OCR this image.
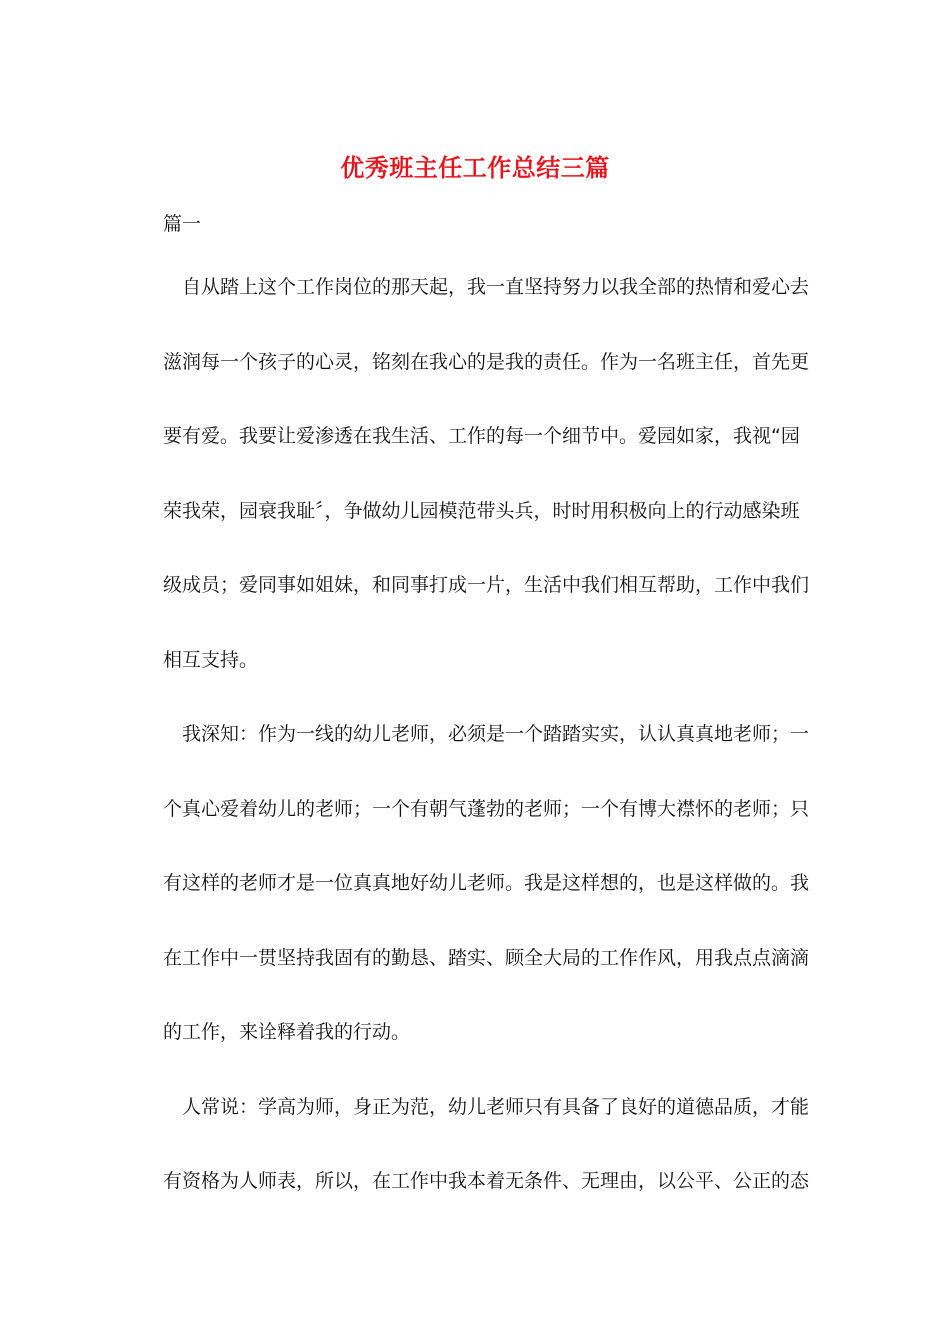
优秀班主任工作总结三篇
篇一
自从踏上这个工作岗位的那天起，我一直坚持努力以我全部的热情和爱心去
滋润每一个孩子的心灵，铭刻在我心的是我的责任。作为一名班主任，首先更
要有爱。我要让爱渗透在我生活、工作的每一个细节中。爱园如家，我视“园
荣我荣，园衰我耻〞，争做幼儿园模范带头兵，时时用积极向上的行动感染班
级成员；爱同事如姐妹，和同事打成一片，生活中我们相互帮助，工作中我们
相互支持。
我深知：作为一线的幼儿老师，必须是一个踏踏实实，认认真真地老师；一
个真心爱着幼儿的老师；一个有朝气蓬勃的老师；一个有博大襟怀的老师；只
有这样的老师才是一位真真地好幼儿老师。我是这样想的，也是这样做的。我
在工作中一贯坚持我固有的勤恳、踏实、顾全大局的工作作风，用我点点滴滴
的工作，来诠释着我的行动。
人常说：学高为师，身正为范，幼儿老师只有具备了良好的道德品质，才能
有资格为人师表，所以，在工作中我本着无条件、无理由，以公平、公正的态
